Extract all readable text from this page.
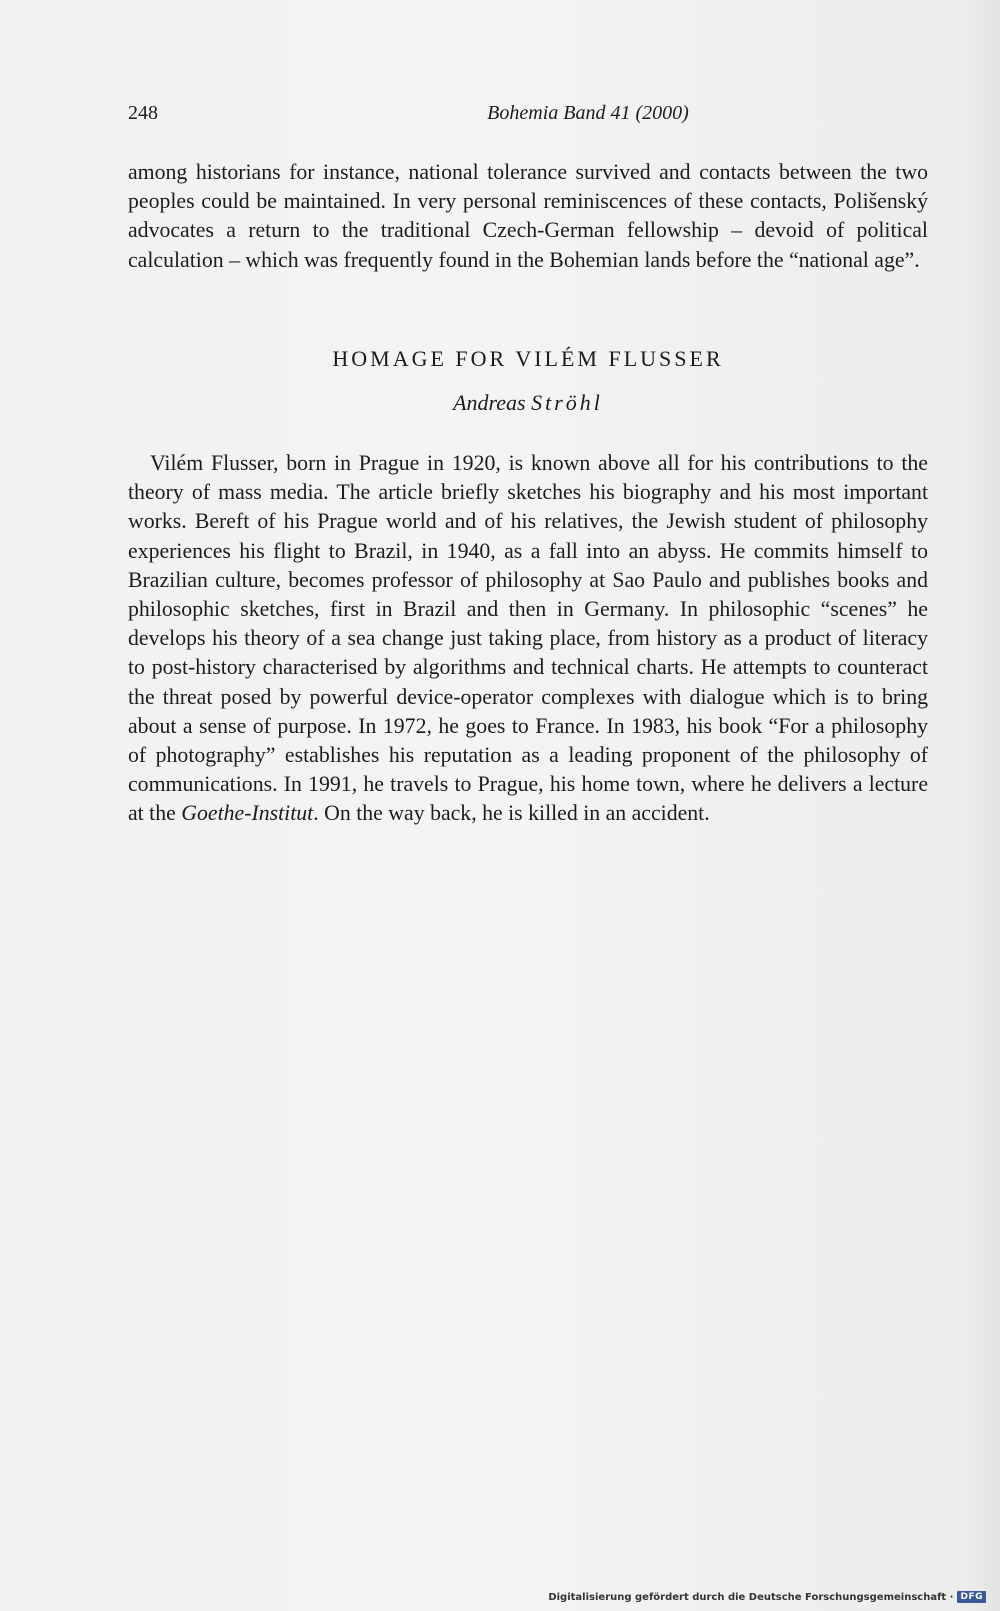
248	Bohemia Band 41 (2000)

among historians for instance, national tolerance survived and contacts between the two peoples could be maintained. In very personal reminiscences of these contacts, Polišenský advocates a return to the traditional Czech-German fellowship – devoid of political calculation – which was frequently found in the Bohemian lands before the “national age”.

HOMAGE FOR VILÉM FLUSSER
Andreas Ströhl

Vilém Flusser, born in Prague in 1920, is known above all for his contributions to the theory of mass media. The article briefly sketches his biography and his most important works. Bereft of his Prague world and of his relatives, the Jewish student of philosophy experiences his flight to Brazil, in 1940, as a fall into an abyss. He commits himself to Brazilian culture, becomes professor of philosophy at Sao Paulo and publishes books and philosophic sketches, first in Brazil and then in Germany. In philosophic “scenes” he develops his theory of a sea change just taking place, from history as a product of literacy to post-history characterised by algorithms and technical charts. He attempts to counteract the threat posed by powerful device-operator complexes with dialogue which is to bring about a sense of purpose. In 1972, he goes to France. In 1983, his book “For a philosophy of photography” establishes his reputation as a leading proponent of the philosophy of communications. In 1991, he travels to Prague, his home town, where he delivers a lecture at the Goethe-Institut. On the way back, he is killed in an accident.

Digitalisierung gefördert durch die Deutsche Forschungsgemeinschaft · DFG
